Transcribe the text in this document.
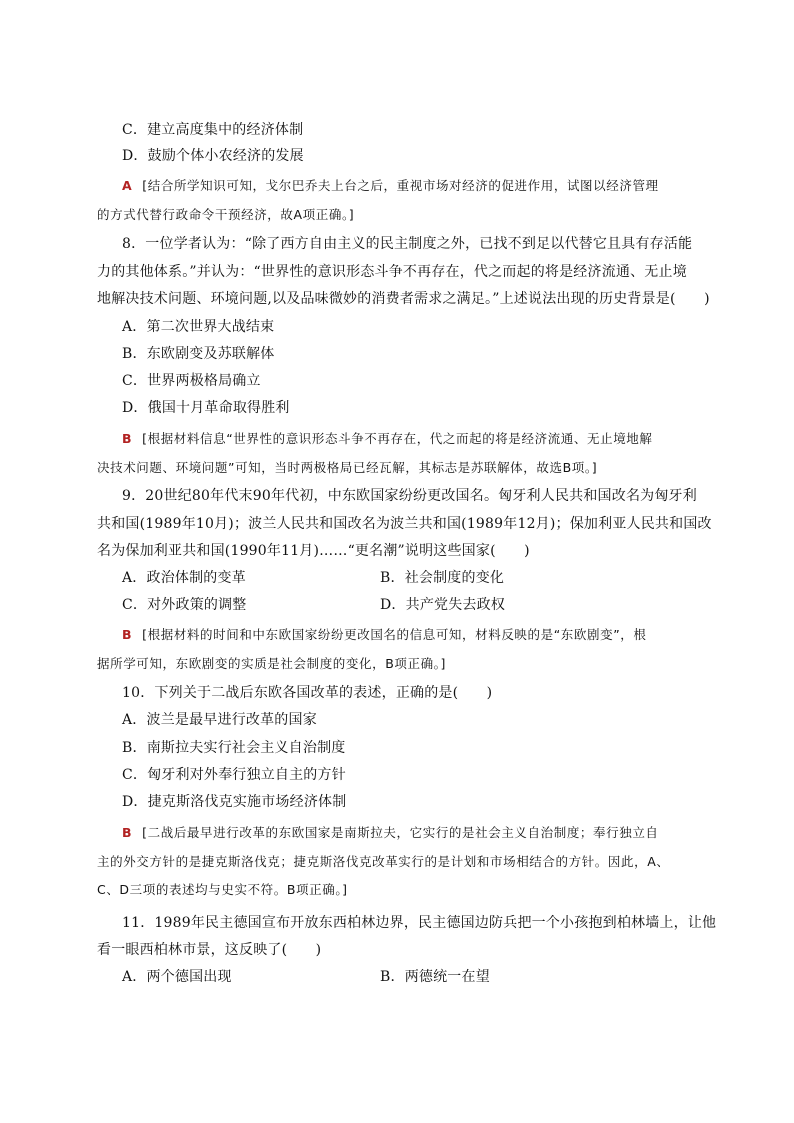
C．建立高度集中的经济体制
D．鼓励个体小农经济的发展
A [结合所学知识可知，戈尔巴乔夫上台之后，重视市场对经济的促进作用，试图以经济管理
的方式代替行政命令干预经济，故A项正确。]
8．一位学者认为：“除了西方自由主义的民主制度之外，已找不到足以代替它且具有存活能
力的其他体系。”并认为：“世界性的意识形态斗争不再存在，代之而起的将是经济流通、无止境
地解决技术问题、环境问题,以及品味微妙的消费者需求之满足。”上述说法出现的历史背景是(　　)
A．第二次世界大战结束
B．东欧剧变及苏联解体
C．世界两极格局确立
D．俄国十月革命取得胜利
B [根据材料信息“世界性的意识形态斗争不再存在，代之而起的将是经济流通、无止境地解
决技术问题、环境问题”可知，当时两极格局已经瓦解，其标志是苏联解体，故选B项。]
9．20世纪80年代末90年代初，中东欧国家纷纷更改国名。匈牙利人民共和国改名为匈牙利
共和国(1989年10月)；波兰人民共和国改名为波兰共和国(1989年12月)；保加利亚人民共和国改
名为保加利亚共和国(1990年11月)……“更名潮”说明这些国家(　　)
A．政治体制的变革	B．社会制度的变化
C．对外政策的调整	D．共产党失去政权
B [根据材料的时间和中东欧国家纷纷更改国名的信息可知，材料反映的是“东欧剧变”，根
据所学可知，东欧剧变的实质是社会制度的变化，B项正确。]
10．下列关于二战后东欧各国改革的表述，正确的是(　　)
A．波兰是最早进行改革的国家
B．南斯拉夫实行社会主义自治制度
C．匈牙利对外奉行独立自主的方针
D．捷克斯洛伐克实施市场经济体制
B [二战后最早进行改革的东欧国家是南斯拉夫，它实行的是社会主义自治制度；奉行独立自
主的外交方针的是捷克斯洛伐克；捷克斯洛伐克改革实行的是计划和市场相结合的方针。因此，A、
C、D三项的表述均与史实不符。B项正确。]
11．1989年民主德国宣布开放东西柏林边界，民主德国边防兵把一个小孩抱到柏林墙上，让他
看一眼西柏林市景，这反映了(　　)
A．两个德国出现	B．两德统一在望
